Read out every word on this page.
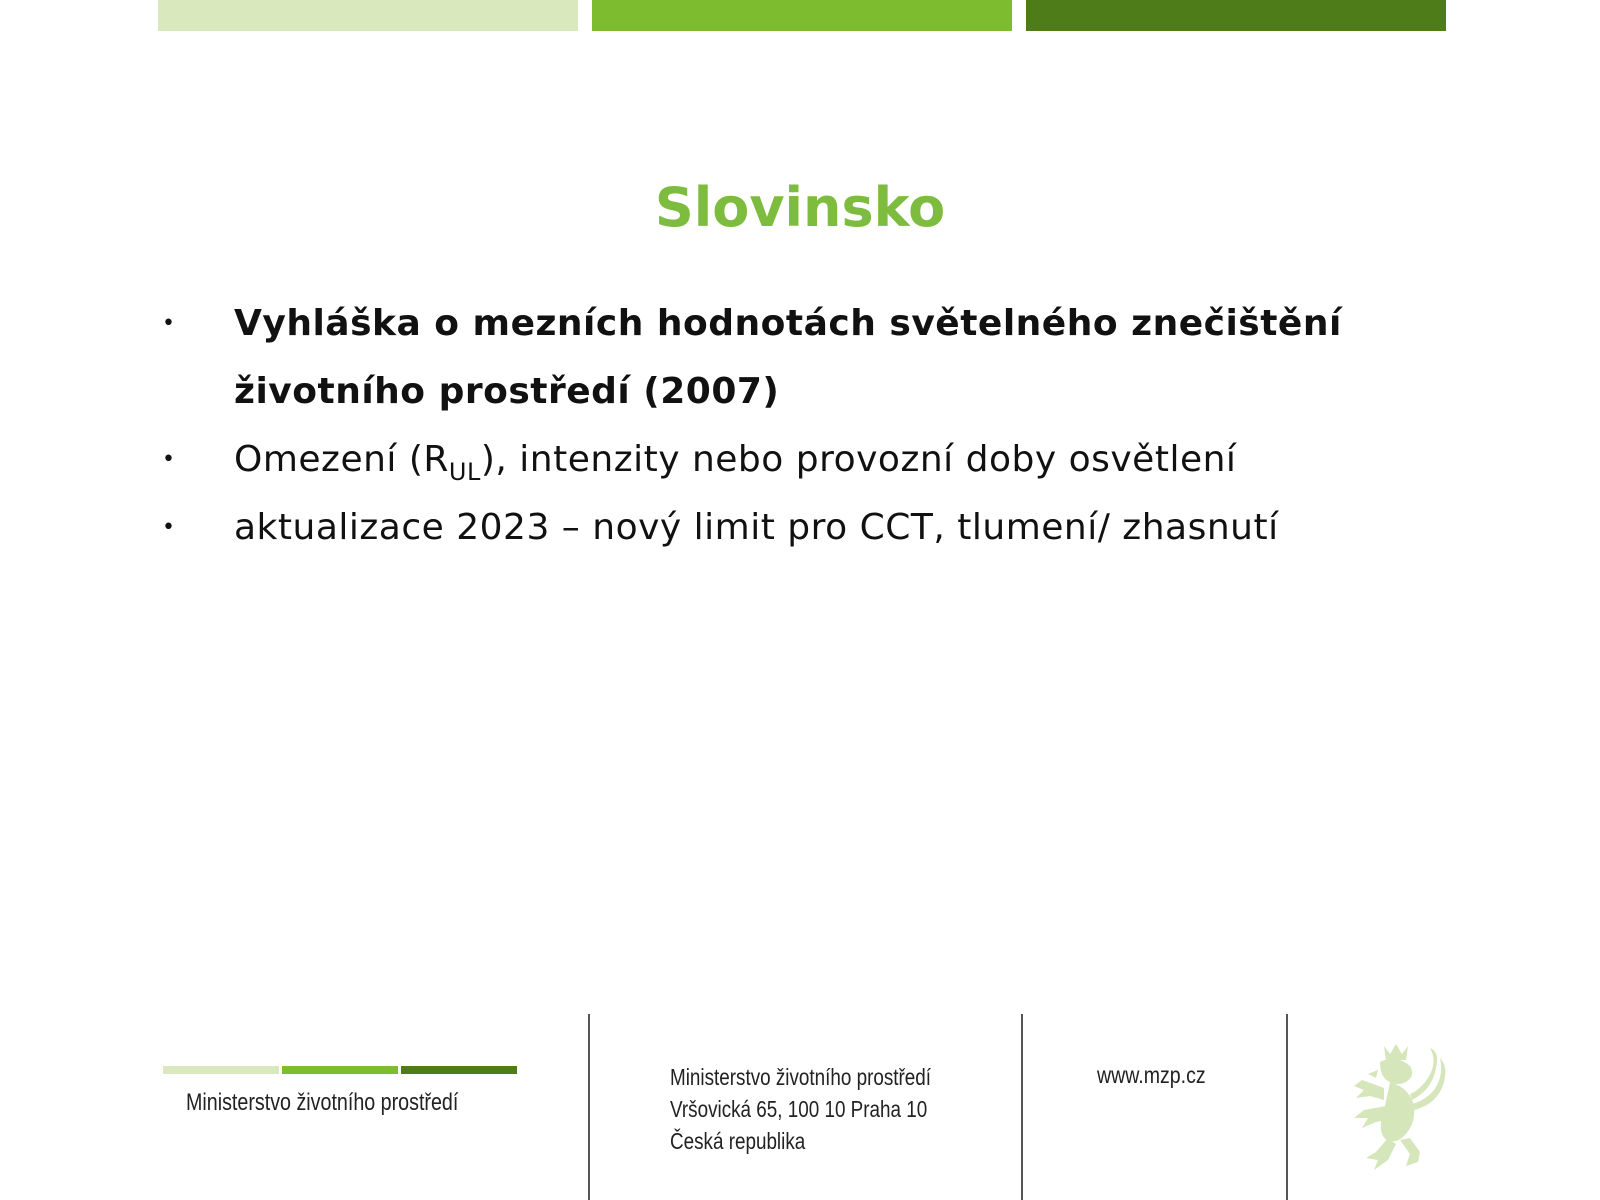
Slovinsko
• Vyhláška o mezních hodnotách světelného znečištění
životního prostředí (2007)
• Omezení $(R_{UL})$, intenzity nebo provozní doby osvětlení
• aktualizace 2023 – nový limit pro CCT, tlumení/ zhasnutí
Ministerstvo životního prostředí
Ministerstvo životního prostředí
Vršovická 65, 100 10 Praha 10
Česká republika
www.mzp.cz
